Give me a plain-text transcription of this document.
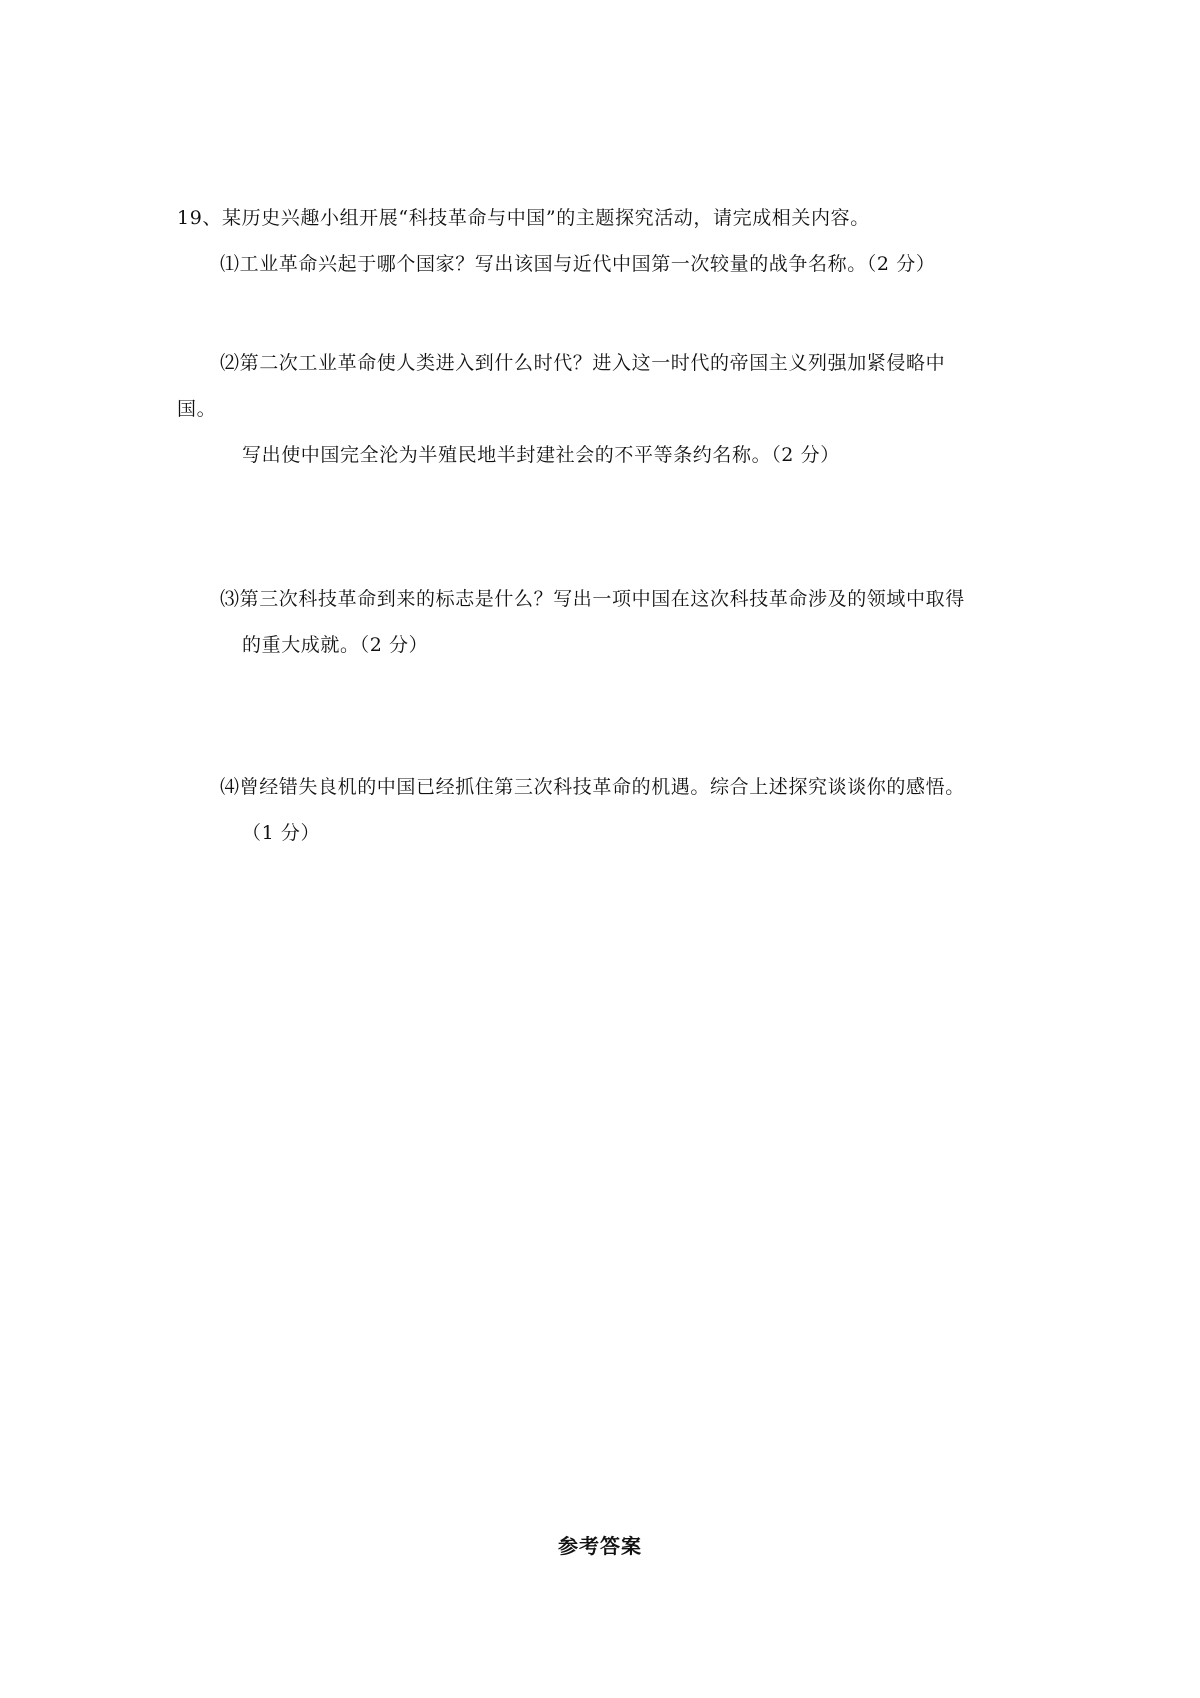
19、某历史兴趣小组开展“科技革命与中国”的主题探究活动，请完成相关内容。
⑴工业革命兴起于哪个国家？写出该国与近代中国第一次较量的战争名称。（2 分）
⑵第二次工业革命使人类进入到什么时代？进入这一时代的帝国主义列强加紧侵略中
国。
写出使中国完全沦为半殖民地半封建社会的不平等条约名称。（2 分）
⑶第三次科技革命到来的标志是什么？写出一项中国在这次科技革命涉及的领域中取得
的重大成就。（2 分）
⑷曾经错失良机的中国已经抓住第三次科技革命的机遇。综合上述探究谈谈你的感悟。
（1 分）
参考答案
